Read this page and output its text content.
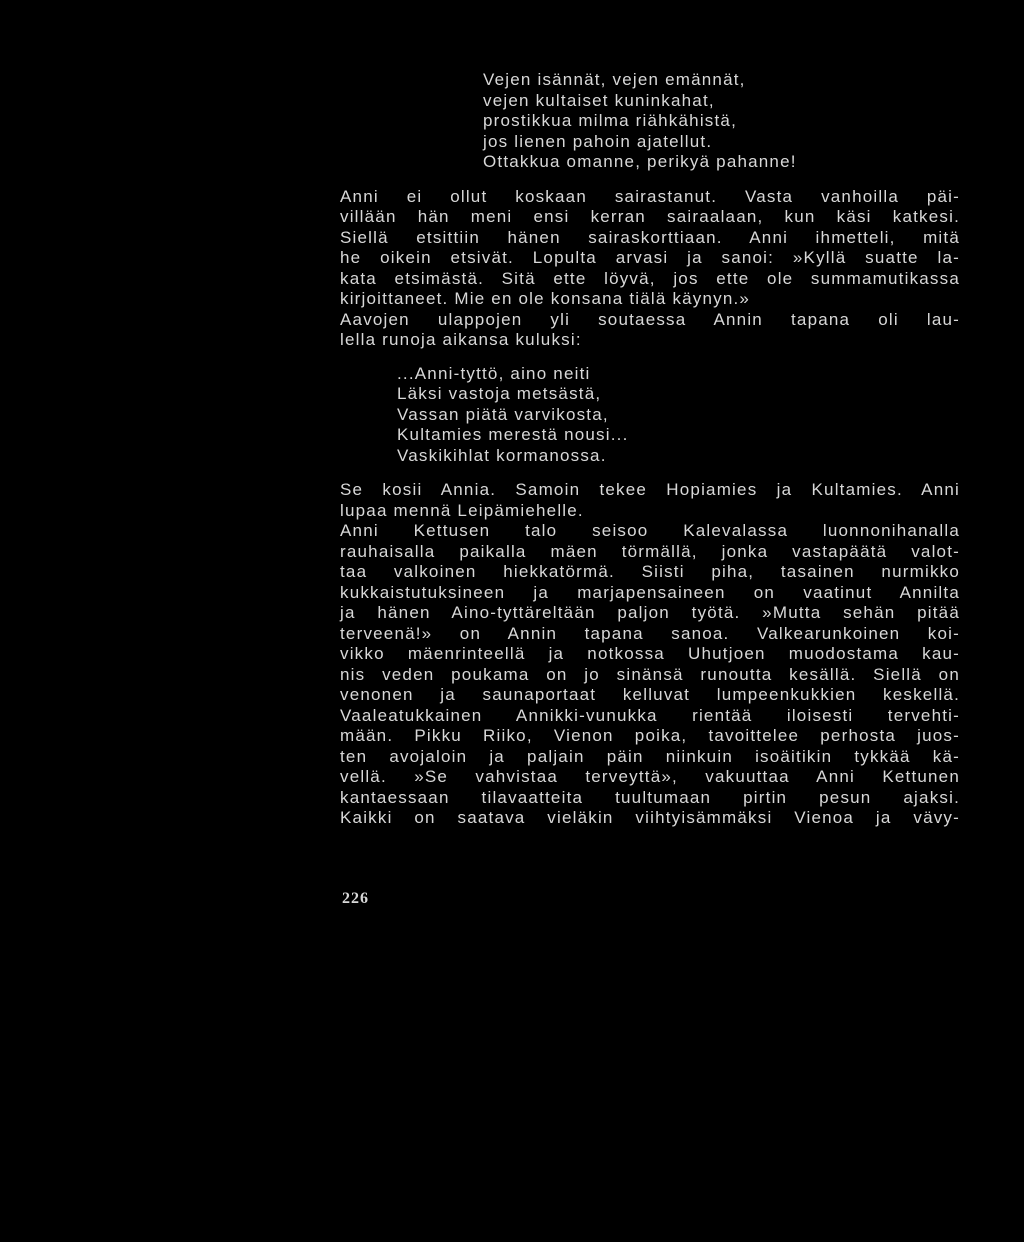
Vejen isännät, vejen emännät,
vejen kultaiset kuninkahat,
prostikkua milma riähkähistä,
jos lienen pahoin ajatellut.
Ottakkua omanne, perikyä pahanne!
Anni ei ollut koskaan sairastanut. Vasta vanhoilla päi-
villään hän meni ensi kerran sairaalaan, kun käsi katkesi.
Siellä etsittiin hänen sairaskorttiaan. Anni ihmetteli, mitä
he oikein etsivät. Lopulta arvasi ja sanoi: »Kyllä suatte la-
kata etsimästä. Sitä ette löyvä, jos ette ole summamutikassa
kirjoittaneet. Mie en ole konsana tiälä käynyn.»
Aavojen ulappojen yli soutaessa Annin tapana oli lau-
lella runoja aikansa kuluksi:
...Anni-tyttö, aino neiti
Läksi vastoja metsästä,
Vassan piätä varvikosta,
Kultamies merestä nousi...
Vaskikihlat kormanossa.
Se kosii Annia. Samoin tekee Hopiamies ja Kultamies. Anni
lupaa mennä Leipämiehelle.
Anni Kettusen talo seisoo Kalevalassa luonnonihanalla
rauhaisalla paikalla mäen törmällä, jonka vastapäätä valot-
taa valkoinen hiekkatörmä. Siisti piha, tasainen nurmikko
kukkaistutuksineen ja marjapensaineen on vaatinut Annilta
ja hänen Aino-tyttäreltään paljon työtä. »Mutta sehän pitää
terveenä!» on Annin tapana sanoa. Valkearunkoinen koi-
vikko mäenrinteellä ja notkossa Uhutjoen muodostama kau-
nis veden poukama on jo sinänsä runoutta kesällä. Siellä on
venonen ja saunaportaat kelluvat lumpeenkukkien keskellä.
Vaaleatukkainen Annikki-vunukka rientää iloisesti tervehti-
mään. Pikku Riiko, Vienon poika, tavoittelee perhosta juos-
ten avojaloin ja paljain päin niinkuin isoäitikin tykkää kä-
vellä. »Se vahvistaa terveyttä», vakuuttaa Anni Kettunen
kantaessaan tilavaatteita tuultumaan pirtin pesun ajaksi.
Kaikki on saatava vieläkin viihtyisämmäksi Vienoa ja vävy-
226
